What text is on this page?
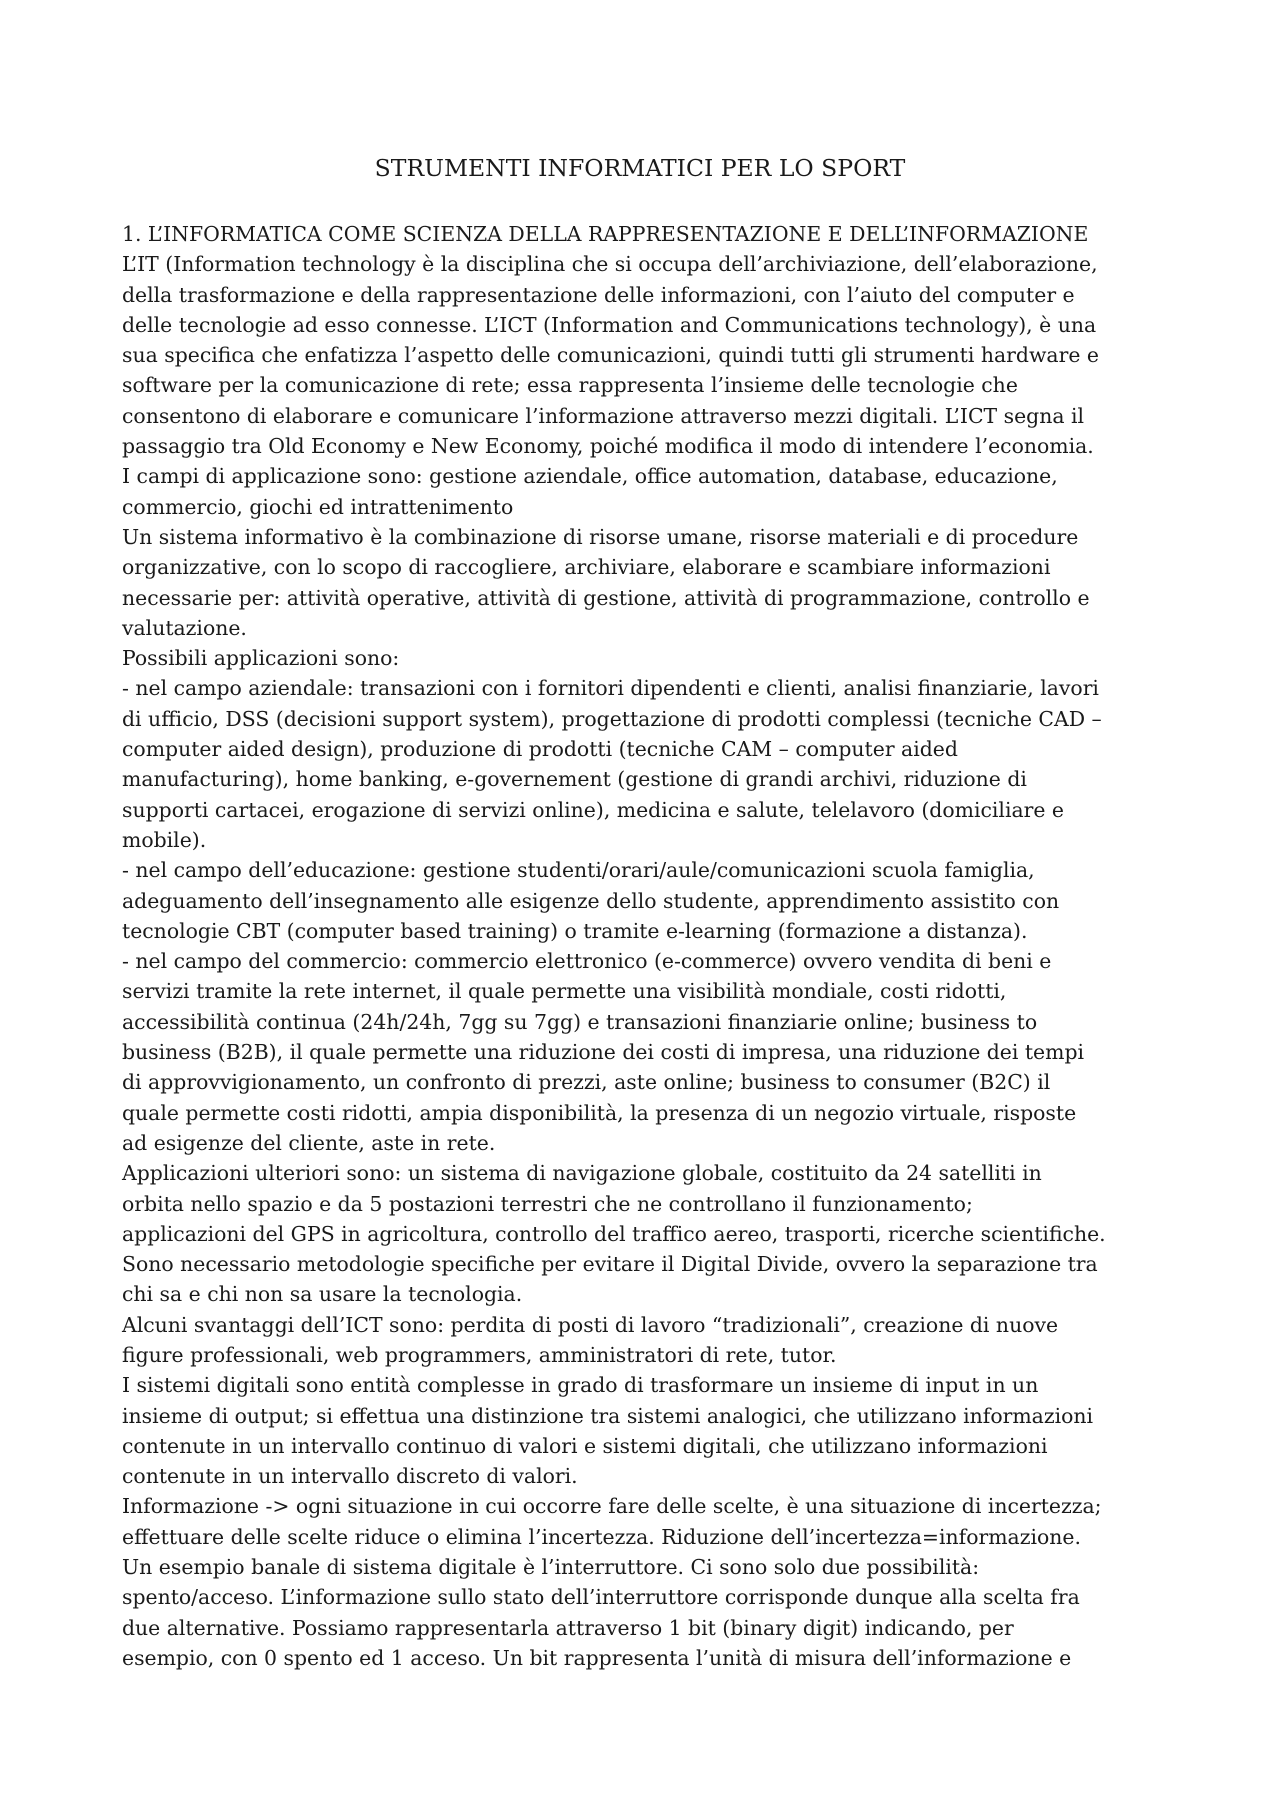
STRUMENTI INFORMATICI PER LO SPORT
1. L’INFORMATICA COME SCIENZA DELLA RAPPRESENTAZIONE E DELL’INFORMAZIONE
L’IT (Information technology è la disciplina che si occupa dell’archiviazione, dell’elaborazione,
della trasformazione e della rappresentazione delle informazioni, con l’aiuto del computer e
delle tecnologie ad esso connesse. L’ICT (Information and Communications technology), è una
sua specifica che enfatizza l’aspetto delle comunicazioni, quindi tutti gli strumenti hardware e
software per la comunicazione di rete; essa rappresenta l’insieme delle tecnologie che
consentono di elaborare e comunicare l’informazione attraverso mezzi digitali. L’ICT segna il
passaggio tra Old Economy e New Economy, poiché modifica il modo di intendere l’economia.
I campi di applicazione sono: gestione aziendale, office automation, database, educazione,
commercio, giochi ed intrattenimento
Un sistema informativo è la combinazione di risorse umane, risorse materiali e di procedure
organizzative, con lo scopo di raccogliere, archiviare, elaborare e scambiare informazioni
necessarie per: attività operative, attività di gestione, attività di programmazione, controllo e
valutazione.
Possibili applicazioni sono:
- nel campo aziendale: transazioni con i fornitori dipendenti e clienti, analisi finanziarie, lavori
di ufficio, DSS (decisioni support system), progettazione di prodotti complessi (tecniche CAD –
computer aided design), produzione di prodotti (tecniche CAM – computer aided
manufacturing), home banking, e-governement (gestione di grandi archivi, riduzione di
supporti cartacei, erogazione di servizi online), medicina e salute, telelavoro (domiciliare e
mobile).
- nel campo dell’educazione: gestione studenti/orari/aule/comunicazioni scuola famiglia,
adeguamento dell’insegnamento alle esigenze dello studente, apprendimento assistito con
tecnologie CBT (computer based training) o tramite e-learning (formazione a distanza).
- nel campo del commercio: commercio elettronico (e-commerce) ovvero vendita di beni e
servizi tramite la rete internet, il quale permette una visibilità mondiale, costi ridotti,
accessibilità continua (24h/24h, 7gg su 7gg) e transazioni finanziarie online; business to
business (B2B), il quale permette una riduzione dei costi di impresa, una riduzione dei tempi
di approvvigionamento, un confronto di prezzi, aste online; business to consumer (B2C) il
quale permette costi ridotti, ampia disponibilità, la presenza di un negozio virtuale, risposte
ad esigenze del cliente, aste in rete.
Applicazioni ulteriori sono: un sistema di navigazione globale, costituito da 24 satelliti in
orbita nello spazio e da 5 postazioni terrestri che ne controllano il funzionamento;
applicazioni del GPS in agricoltura, controllo del traffico aereo, trasporti, ricerche scientifiche.
Sono necessario metodologie specifiche per evitare il Digital Divide, ovvero la separazione tra
chi sa e chi non sa usare la tecnologia.
Alcuni svantaggi dell’ICT sono: perdita di posti di lavoro “tradizionali”, creazione di nuove
figure professionali, web programmers, amministratori di rete, tutor.
I sistemi digitali sono entità complesse in grado di trasformare un insieme di input in un
insieme di output; si effettua una distinzione tra sistemi analogici, che utilizzano informazioni
contenute in un intervallo continuo di valori e sistemi digitali, che utilizzano informazioni
contenute in un intervallo discreto di valori.
Informazione -> ogni situazione in cui occorre fare delle scelte, è una situazione di incertezza;
effettuare delle scelte riduce o elimina l’incertezza. Riduzione dell’incertezza=informazione.
Un esempio banale di sistema digitale è l’interruttore. Ci sono solo due possibilità:
spento/acceso. L’informazione sullo stato dell’interruttore corrisponde dunque alla scelta fra
due alternative. Possiamo rappresentarla attraverso 1 bit (binary digit) indicando, per
esempio, con 0 spento ed 1 acceso. Un bit rappresenta l’unità di misura dell’informazione e
